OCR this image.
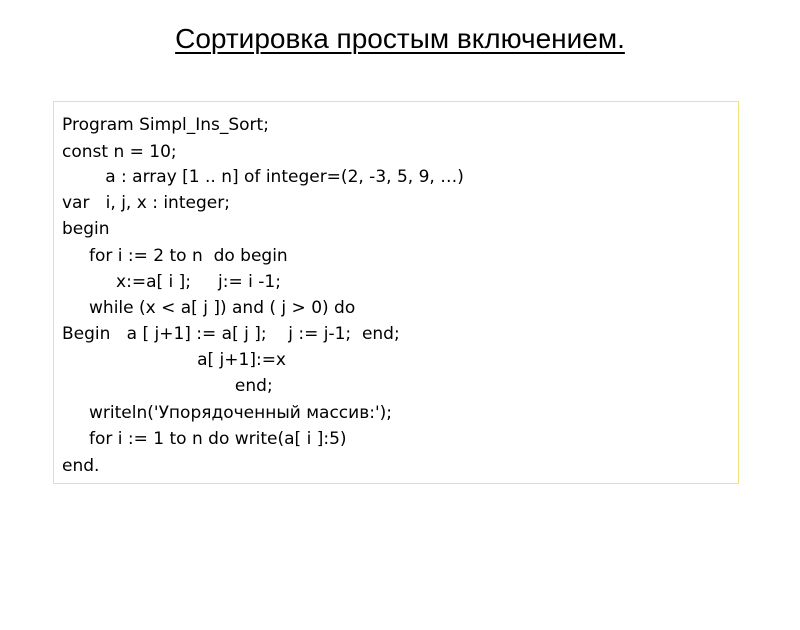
Сортировка простым включением.
Program Simpl_Ins_Sort;
const n = 10;
a : array [1 .. n] of integer=(2, -3, 5, 9, …)
var   i, j, x : integer;
begin
for i := 2 to n  do begin
x:=a[ i ];     j:= i -1;
while (x < a[ j ]) and ( j > 0) do
Begin   a [ j+1] := a[ j ];    j := j-1;  end;
a[ j+1]:=x
end;
writeln('Упорядоченный массив:');
for i := 1 to n do write(a[ i ]:5)
end.
